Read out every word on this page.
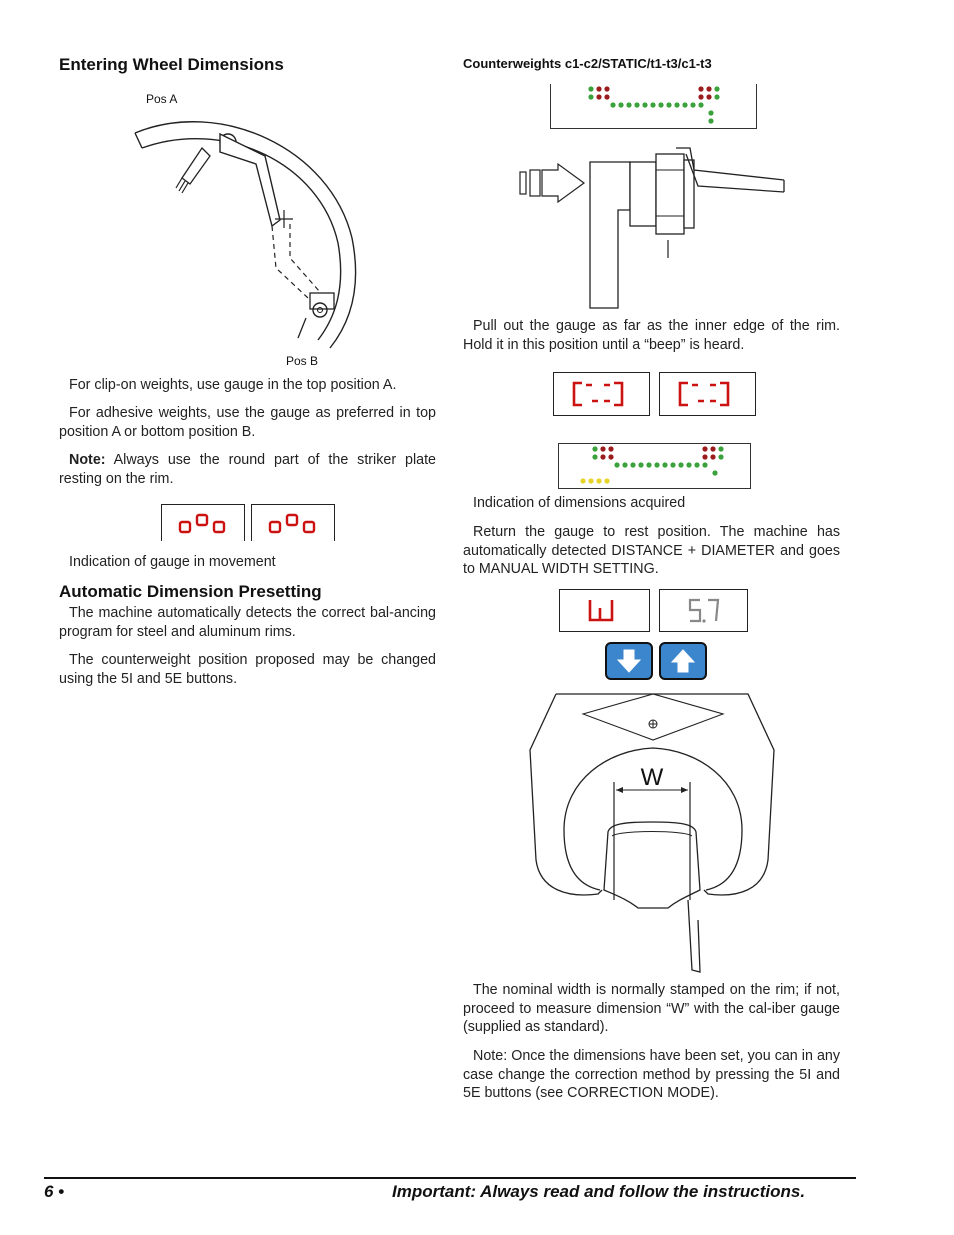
Entering Wheel Dimensions
Pos A
Pos B
For clip-on weights, use gauge in the top position A.
For adhesive weights, use the gauge as preferred in top position A or bottom position B.
Note: Always use the round part of the striker plate resting on the rim.
Indication of gauge in movement
Automatic Dimension Presetting
The machine automatically detects the correct bal-ancing program for steel and aluminum rims.
The counterweight position proposed may be changed using the 5I and 5E buttons.
Counterweights c1-c2/STATIC/t1-t3/c1-t3
Pull out the gauge as far as the inner edge of the rim. Hold it in this position until a “beep” is heard.
Indication of dimensions acquired
Return the gauge to rest position. The machine has automatically detected DISTANCE + DIAMETER and goes to MANUAL WIDTH SETTING.
W
The nominal width is normally stamped on the rim; if not, proceed to measure dimension “W” with the cal-iber gauge (supplied as standard).
Note: Once the dimensions have been set, you can in any case change the correction method by pressing the 5I and 5E buttons (see CORRECTION MODE).
6 •	Important: Always read and follow the instructions.
